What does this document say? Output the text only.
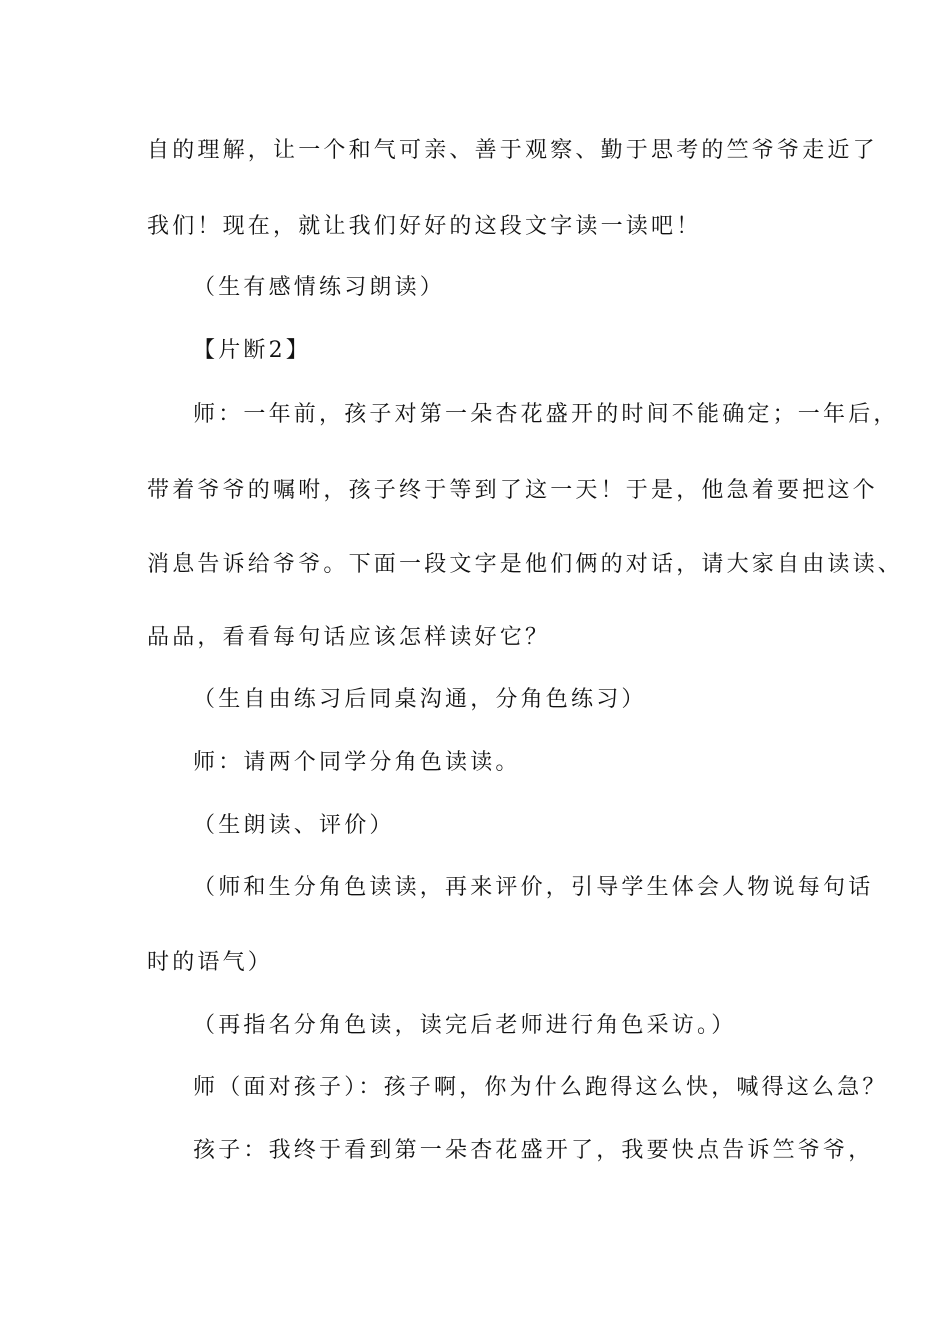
自的理解，让一个和气可亲、善于观察、勤于思考的竺爷爷走近了
我们！现在，就让我们好好的这段文字读一读吧！
（生有感情练习朗读）
【片断2】
师：一年前，孩子对第一朵杏花盛开的时间不能确定；一年后，
带着爷爷的嘱咐，孩子终于等到了这一天！于是，他急着要把这个
消息告诉给爷爷。下面一段文字是他们俩的对话，请大家自由读读、
品品，看看每句话应该怎样读好它？
（生自由练习后同桌沟通，分角色练习）
师：请两个同学分角色读读。
（生朗读、评价）
（师和生分角色读读，再来评价，引导学生体会人物说每句话
时的语气）
（再指名分角色读，读完后老师进行角色采访。）
师（面对孩子）：孩子啊，你为什么跑得这么快，喊得这么急？
孩子：我终于看到第一朵杏花盛开了，我要快点告诉竺爷爷，
